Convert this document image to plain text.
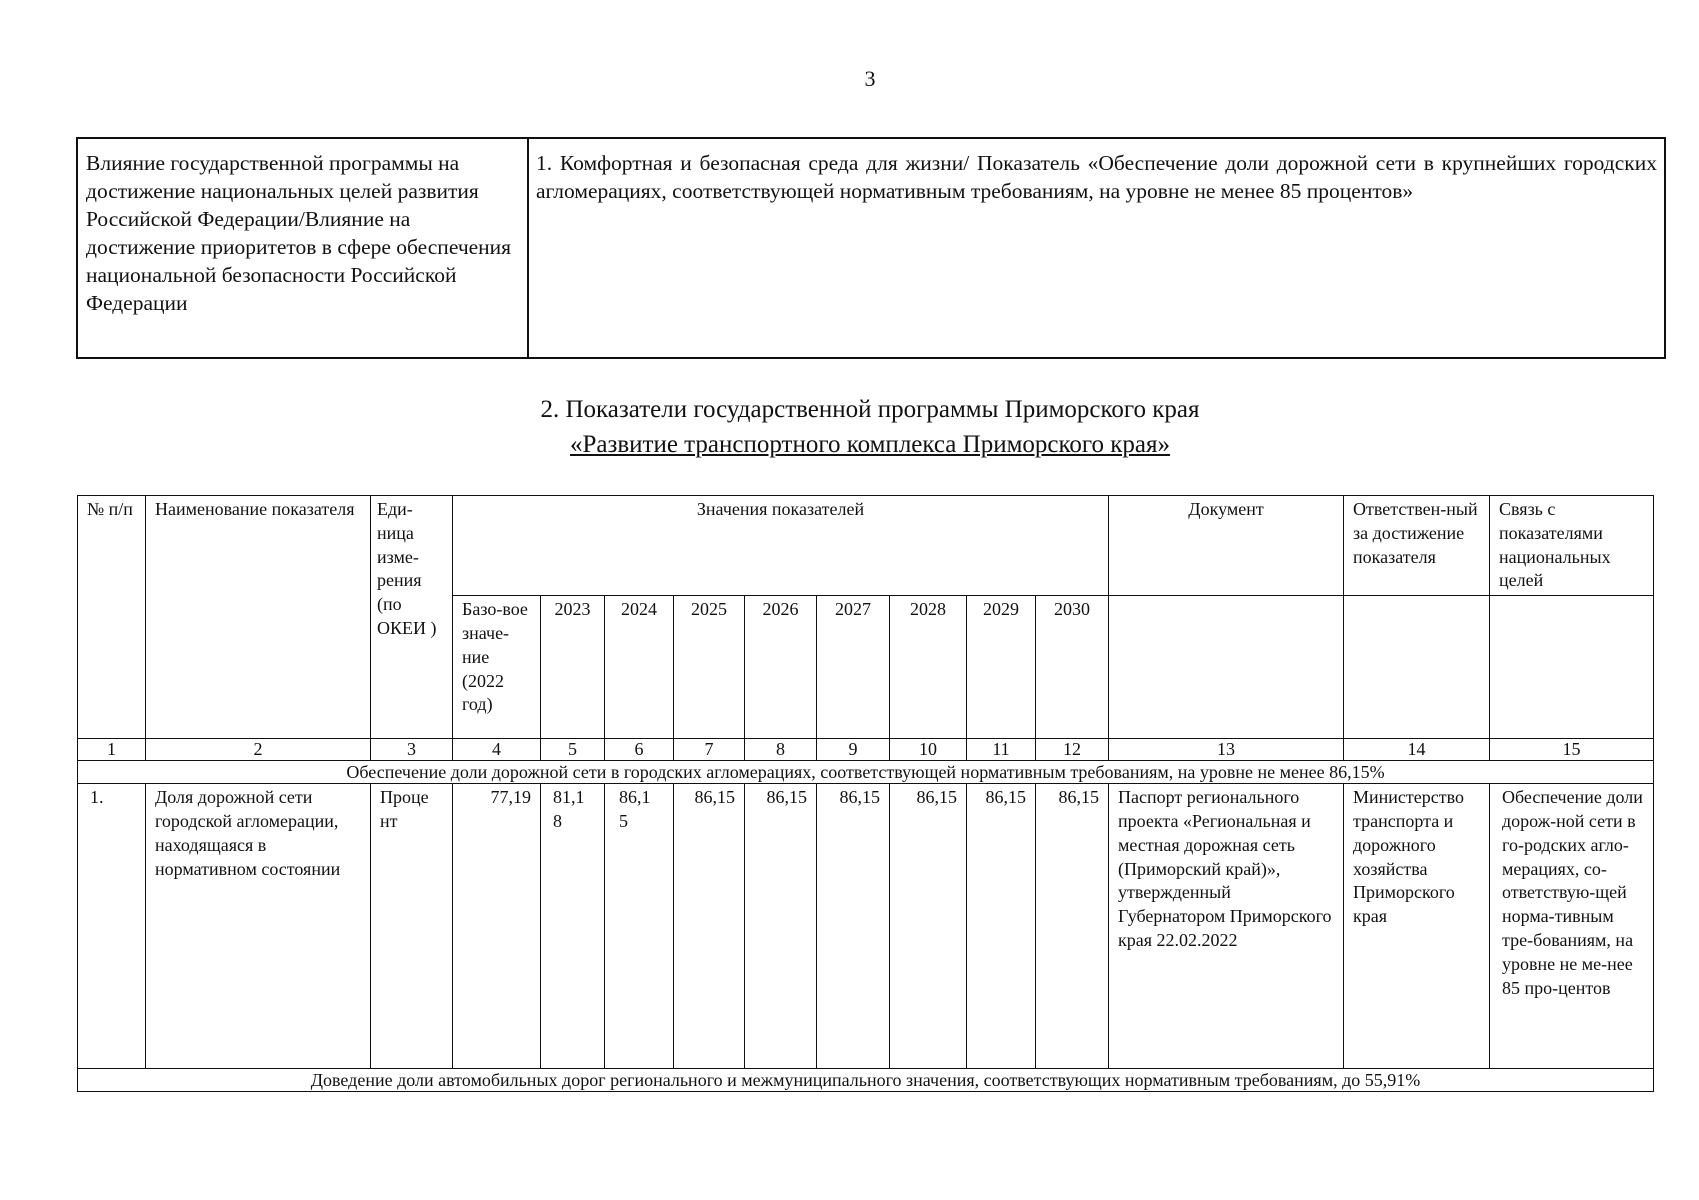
3
Влияние государственной программы на достижение национальных целей развития Российской Федерации/Влияние на достижение приоритетов в сфере обеспечения национальной безопасности Российской Федерации
1. Комфортная и безопасная среда для жизни/ Показатель «Обеспечение доли дорожной сети в крупнейших городских агломерациях, соответствующей нормативным требованиям, на уровне не менее 85 процентов»
2. Показатели государственной программы Приморского края
«Развитие транспортного комплекса Приморского края»
№ п/п	Наименование показателя	Еди-ница изме-рения (по ОКЕИ )	Значения показателей									Документ	Ответствен-ный за достижение показателя	Связь с показателями национальных целей
			Базо-вое значе-ние (2022 год)	2023	2024	2025	2026	2027	2028	2029	2030			
1	2	3	4	5	6	7	8	9	10	11	12	13	14	15
Обеспечение доли дорожной сети в городских агломерациях, соответствующей нормативным требованиям, на уровне не менее 86,15%														
1.	Доля дорожной сети городской агломерации, находящаяся в нормативном состоянии	Проце нт	77,19	81,1 8	86,1 5	86,15	86,15	86,15	86,15	86,15	86,15	Паспорт регионального проекта «Региональная и местная дорожная сеть (Приморский край)», утвержденный Губернатором Приморского края 22.02.2022	Министерство транспорта и дорожного хозяйства Приморского края	Обеспечение доли дорож-ной сети в го-родских агло-мерациях, со-ответствую-щей норма-тивным тре-бованиям, на уровне не ме-нее 85 про-центов
Доведение доли автомобильных дорог регионального и межмуниципального значения, соответствующих нормативным требованиям, до 55,91%														
